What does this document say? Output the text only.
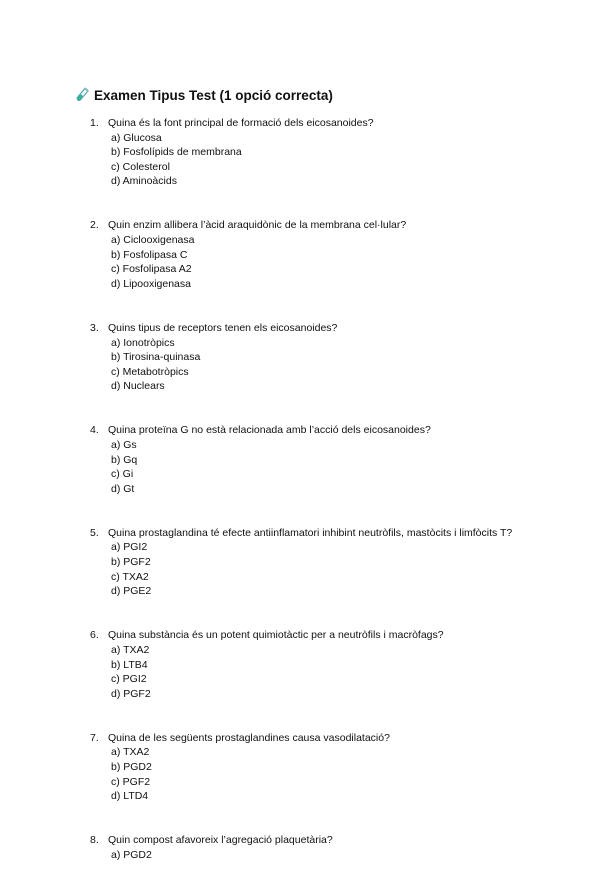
Examen Tipus Test (1 opció correcta)
1. Quina és la font principal de formació dels eicosanoides?
a) Glucosa
b) Fosfolípids de membrana
c) Colesterol
d) Aminoàcids
2. Quin enzim allibera l’àcid araquidònic de la membrana cel·lular?
a) Ciclooxigenasa
b) Fosfolipasa C
c) Fosfolipasa A2
d) Lipooxigenasa
3. Quins tipus de receptors tenen els eicosanoides?
a) Ionotròpics
b) Tirosina-quinasa
c) Metabotròpics
d) Nuclears
4. Quina proteïna G no està relacionada amb l’acció dels eicosanoides?
a) Gs
b) Gq
c) Gi
d) Gt
5. Quina prostaglandina té efecte antiinflamatori inhibint neutròfils, mastòcits i limfòcits T?
a) PGI2
b) PGF2
c) TXA2
d) PGE2
6. Quina substància és un potent quimiotàctic per a neutròfils i macròfags?
a) TXA2
b) LTB4
c) PGI2
d) PGF2
7. Quina de les següents prostaglandines causa vasodilatació?
a) TXA2
b) PGD2
c) PGF2
d) LTD4
8. Quin compost afavoreix l’agregació plaquetària?
a) PGD2
